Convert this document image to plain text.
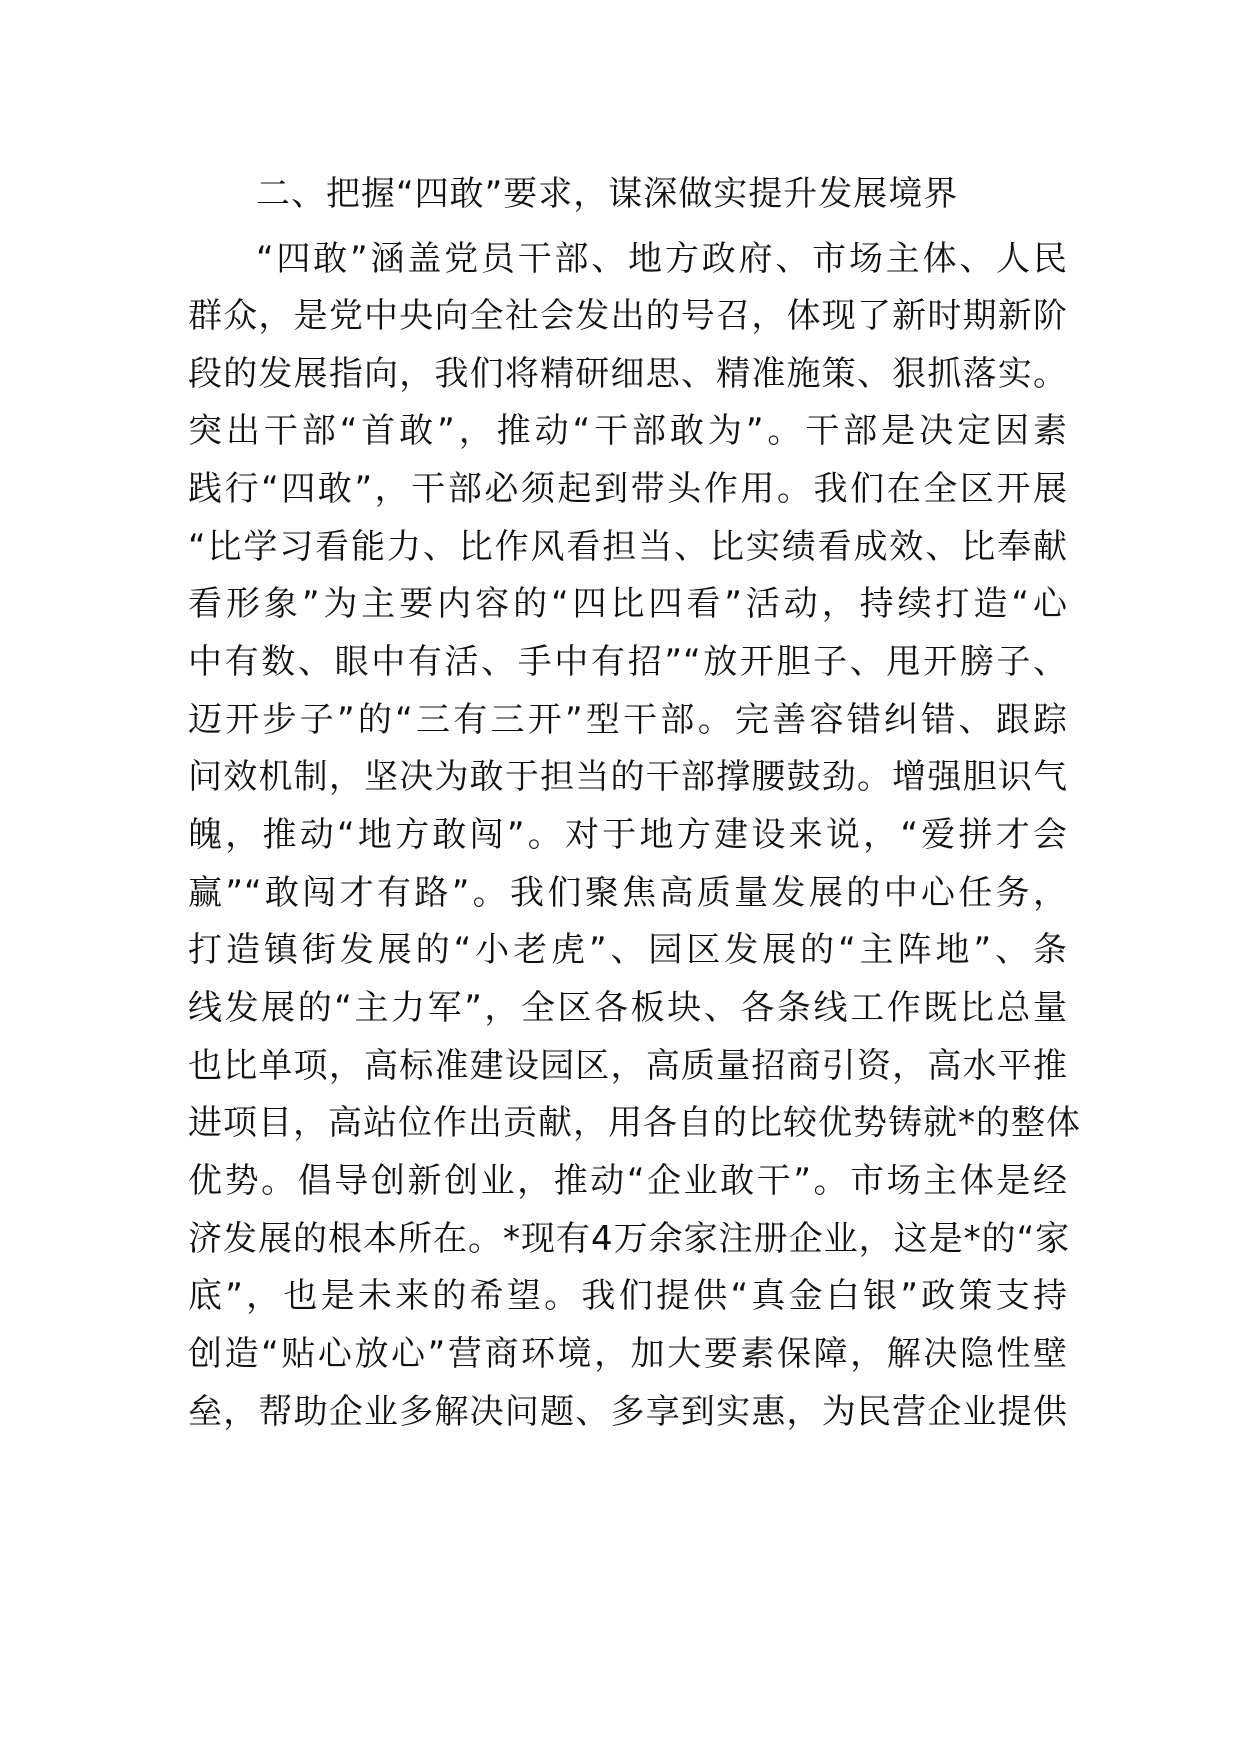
二、把握“四敢”要求，谋深做实提升发展境界
“四敢”涵盖党员干部、地方政府、市场主体、人民
群众，是党中央向全社会发出的号召，体现了新时期新阶
段的发展指向，我们将精研细思、精准施策、狠抓落实。
突出干部“首敢”，推动“干部敢为”。干部是决定因素
践行“四敢”，干部必须起到带头作用。我们在全区开展
“比学习看能力、比作风看担当、比实绩看成效、比奉献
看形象”为主要内容的“四比四看”活动，持续打造“心
中有数、眼中有活、手中有招”“放开胆子、甩开膀子、
迈开步子”的“三有三开”型干部。完善容错纠错、跟踪
问效机制，坚决为敢于担当的干部撑腰鼓劲。增强胆识气
魄，推动“地方敢闯”。对于地方建设来说，“爱拼才会
赢”“敢闯才有路”。我们聚焦高质量发展的中心任务，
打造镇街发展的“小老虎”、园区发展的“主阵地”、条
线发展的“主力军”，全区各板块、各条线工作既比总量
也比单项，高标准建设园区，高质量招商引资，高水平推
进项目，高站位作出贡献，用各自的比较优势铸就*的整体
优势。倡导创新创业，推动“企业敢干”。市场主体是经
济发展的根本所在。*现有4万余家注册企业，这是*的“家
底”，也是未来的希望。我们提供“真金白银”政策支持
创造“贴心放心”营商环境，加大要素保障，解决隐性壁
垒，帮助企业多解决问题、多享到实惠，为民营企业提供
